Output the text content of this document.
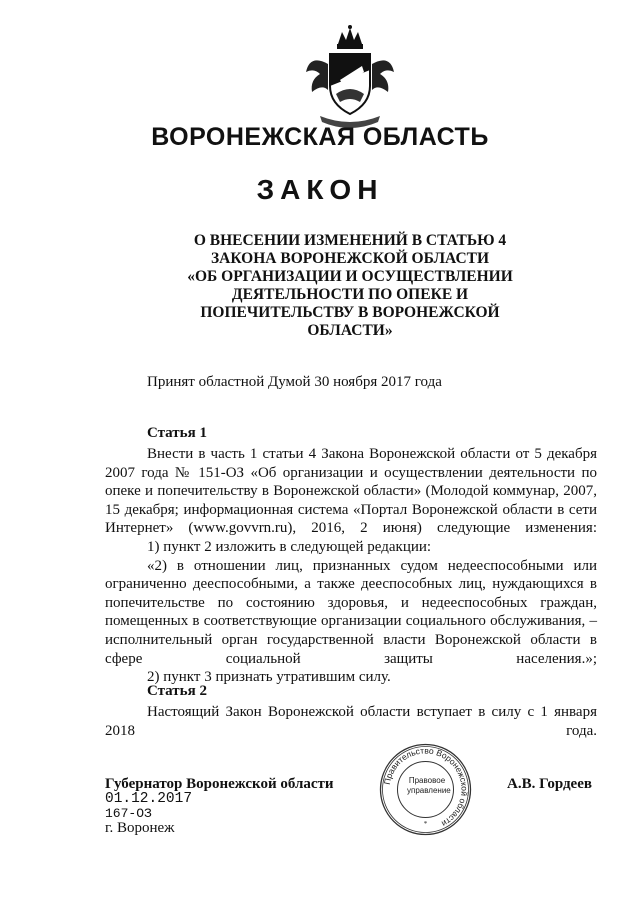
ВОРОНЕЖСКАЯ ОБЛАСТЬ
ЗАКОН
О ВНЕСЕНИИ ИЗМЕНЕНИЙ В СТАТЬЮ 4
ЗАКОНА ВОРОНЕЖСКОЙ ОБЛАСТИ
«ОБ ОРГАНИЗАЦИИ И ОСУЩЕСТВЛЕНИИ
ДЕЯТЕЛЬНОСТИ ПО ОПЕКЕ И
ПОПЕЧИТЕЛЬСТВУ В ВОРОНЕЖСКОЙ
ОБЛАСТИ»
Принят областной Думой 30 ноября 2017 года
Статья 1

Внести в часть 1 статьи 4 Закона Воронежской области от 5 декабря 2007 года № 151-ОЗ «Об организации и осуществлении деятельности по опеке и попечительству в Воронежской области» (Молодой коммунар, 2007, 15 декабря; информационная система «Портал Воронежской области в сети Интернет» (www.govvrn.ru), 2016, 2 июня) следующие изменения:

1) пункт 2 изложить в следующей редакции:

«2) в отношении лиц, признанных судом недееспособными или ограниченно дееспособными, а также дееспособных лиц, нуждающихся в попечительстве по состоянию здоровья, и недееспособных граждан, помещенных в соответствующие организации социального обслуживания, – исполнительный орган государственной власти Воронежской области в сфере социальной защиты населения.»;

2) пункт 3 признать утратившим силу.

Статья 2

Настоящий Закон Воронежской области вступает в силу с 1 января 2018 года.

Губернатор Воронежской области
01.12.2017
167-ОЗ
г. Воронеж
А.В. Гордеев
Правительство Воронежской области
*
Правовое
управление
